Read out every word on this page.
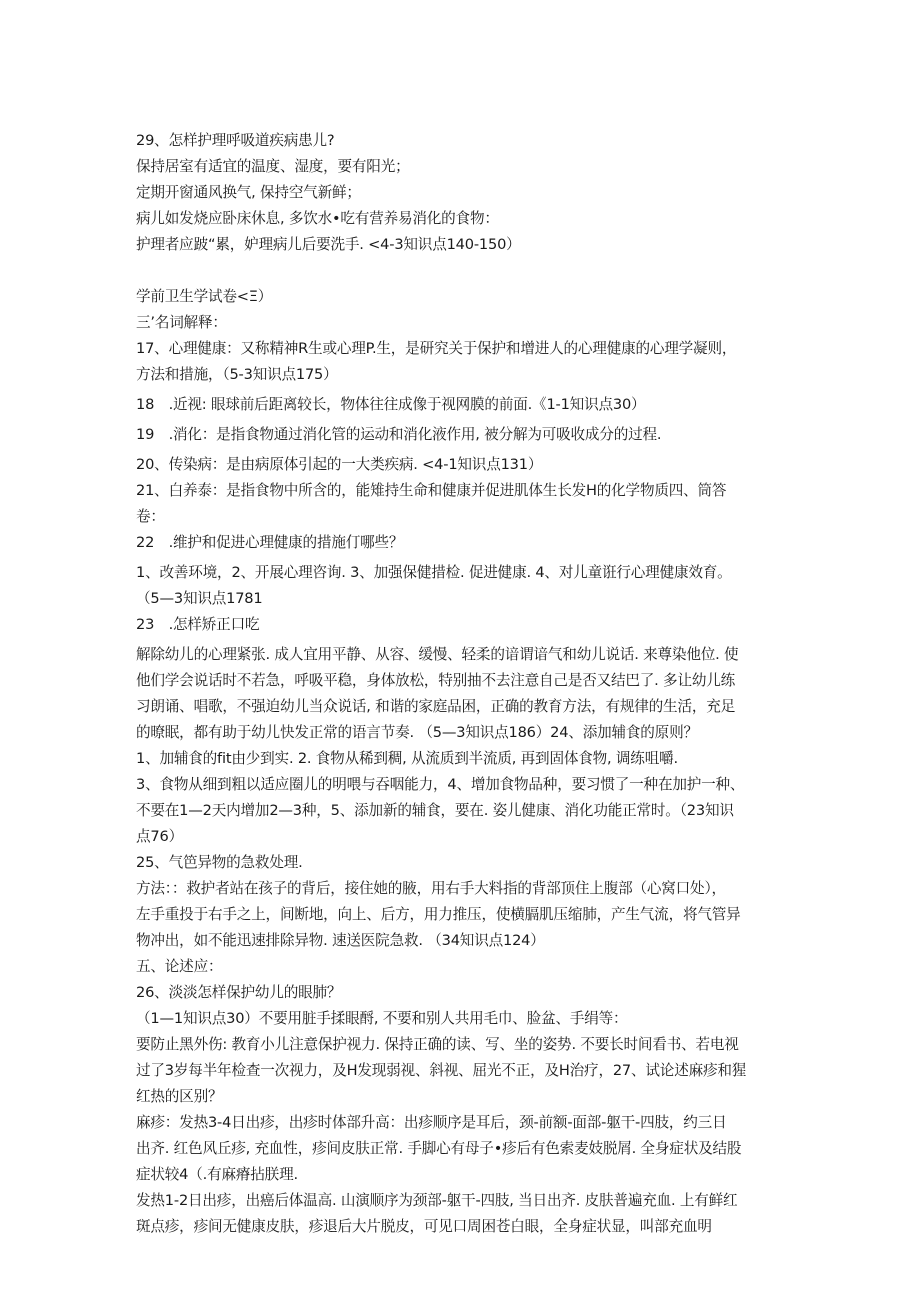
29、怎样护理呼吸道疾病患儿?

保持居室有适宜的温度、湿度，要有阳光；

定期开窗通风换气, 保持空气新鲜；

病儿如发烧应卧床休息, 多饮水•吃有营养易消化的食物：

护理者应跛“累，妒理病儿后要洗手. <4-3知识点140-150）

学前卫生学试卷<Ξ）

三’名词解释：

17、心理健康：又称精神R生或心理P.生，是研究关于保护和增进人的心理健康的心理学凝则，

方法和措施，（5-3知识点175）

18　.近视: 眼球前后距离较长，物体往往成像于视网膜的前面.《1-1知识点30）

19　.消化：是指食物通过消化管的运动和消化液作用, 被分解为可吸收成分的过程.

20、传染病：是由病原体引起的一大类疾病. <4-1知识点131）

21、白养泰：是指食物中所含的，能雉持生命和健康并促进肌体生长发H的化学物质四、筒答

卷：

22　.维护和促进心理健康的措施仃哪些？

1、改善环境，2、开展心理咨询. 3、加强保健措检. 促进健康. 4、对儿童诳行心理健康效育。

（5—3知识点1781

23　.怎样矫正口吃

解除幼儿的心理紧张. 成人宜用平静、从容、缓慢、轻柔的谙谓谙气和幼儿说话. 来尊染他位. 使

他们学会说话时不若急，呼吸平稳，身体放松，特别抽不去注意自己是否又结巴了. 多让幼儿练

习朗诵、唱歌，不强迫幼儿当众说话, 和谐的家庭品困，正确的教育方法，有规律的生活，充足

的暸眠，都有助于幼儿快发正常的语言节奏. （5—3知识点186）24、添加辅食的原则？

1、加辅食的fit由少到实. 2. 食物从稀到稠, 从流质到半流质, 再到固体食物, 调练咀嚼.

3、食物从细到粗以适应圈儿的明喂与吞咽能力，4、增加食物品种，要习惯了一种在加护一种、

不要在1—2天内增加2—3种，5、添加新的辅食，要在. 姿儿健康、消化功能正常时。（23知识

点76）

25、气笆异物的急救处理.

方法：：救护者站在孩子的背后，接住她的腋，用右手大料指的背部顶住上腹部（心窝口处），

左手重投于右手之上，间断地，向上、后方，用力推压，使横膈肌压缩肺，产生气流，将气管异

物冲出，如不能迅速排除异物. 速送医院急救. （34知识点124）

五、论述应：

26、淡淡怎样保护幼儿的眼肺？

（1—1知识点30）不要用脏手揉眼酹, 不要和别人共用毛巾、脸盆、手绢等：

要防止黑外伤: 教育小儿注意保护视力. 保持正确的读、写、坐的姿势. 不要长时间看书、若电视

过了3岁每半年检查一次视力，及H发现弱视、斜视、屈光不正，及H治疗，27、试论述麻疹和猩

红热的区别？

麻疹：发热3-4日出疹，出疹时体部升高：出疹顺序是耳后，颈-前额-面部-躯干-四肢，约三日

出齐. 红色风丘疹, 充血性，疹间皮肤正常. 手脚心有母子•疹后有色索麦妓脱屑. 全身症状及结股

症状较4（.有麻瘠拈朕理.

发热1-2日出疹，出癌后体温高. 山演顺序为颈部-躯干-四肢, 当日出齐. 皮肤普遍充血. 上有鲜红

斑点疹，疹间无健康皮肤，疹退后大片脱皮，可见口周困苍白眼，全身症状显，叫部充血明
